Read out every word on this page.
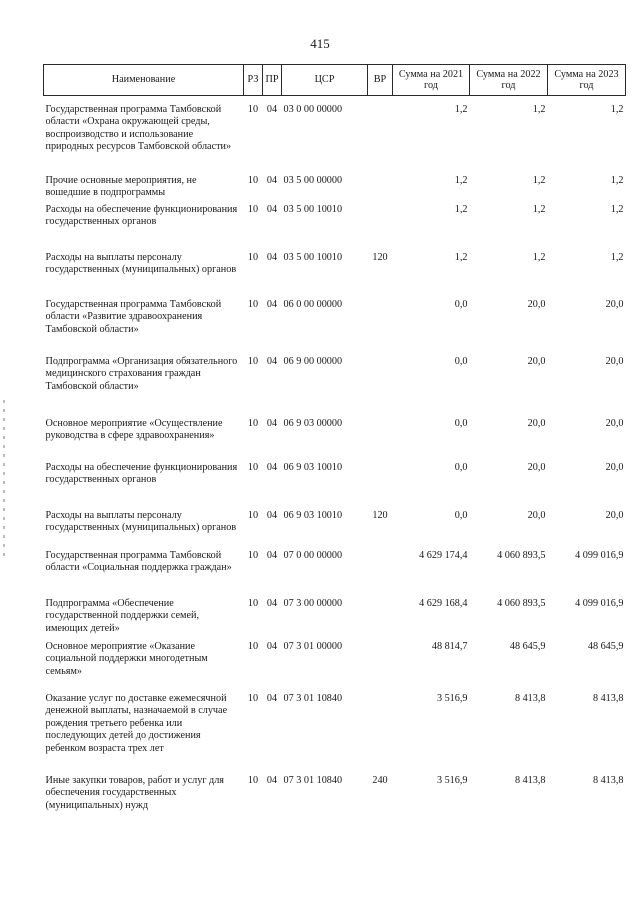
415
Наименование	РЗ	ПР	ЦСР	ВР	Сумма на 2021 год	Сумма на 2022 год	Сумма на 2023 год
Государственная программа Тамбовской области «Охрана окружающей среды, воспроизводство и использование природных ресурсов Тамбовской области»	10	04	03 0 00 00000		1,2	1,2	1,2
Прочие основные мероприятия, не вошедшие в подпрограммы	10	04	03 5 00 00000		1,2	1,2	1,2
Расходы на обеспечение функционирования государственных органов	10	04	03 5 00 10010		1,2	1,2	1,2
Расходы на выплаты персоналу государственных (муниципальных) органов	10	04	03 5 00 10010	120	1,2	1,2	1,2
Государственная программа Тамбовской области «Развитие здравоохранения Тамбовской области»	10	04	06 0 00 00000		0,0	20,0	20,0
Подпрограмма «Организация обязательного медицинского страхования граждан Тамбовской области»	10	04	06 9 00 00000		0,0	20,0	20,0
Основное мероприятие «Осуществление руководства в сфере здравоохранения»	10	04	06 9 03 00000		0,0	20,0	20,0
Расходы на обеспечение функционирования государственных органов	10	04	06 9 03 10010		0,0	20,0	20,0
Расходы на выплаты персоналу государственных (муниципальных) органов	10	04	06 9 03 10010	120	0,0	20,0	20,0
Государственная программа Тамбовской области «Социальная поддержка граждан»	10	04	07 0 00 00000		4 629 174,4	4 060 893,5	4 099 016,9
Подпрограмма «Обеспечение государственной поддержки семей, имеющих детей»	10	04	07 3 00 00000		4 629 168,4	4 060 893,5	4 099 016,9
Основное мероприятие «Оказание социальной поддержки многодетным семьям»	10	04	07 3 01 00000		48 814,7	48 645,9	48 645,9
Оказание услуг по доставке ежемесячной денежной выплаты, назначаемой в случае рождения третьего ребенка или последующих детей до достижения ребенком возраста трех лет	10	04	07 3 01 10840		3 516,9	8 413,8	8 413,8
Иные закупки товаров, работ и услуг для обеспечения государственных (муниципальных) нужд	10	04	07 3 01 10840	240	3 516,9	8 413,8	8 413,8
